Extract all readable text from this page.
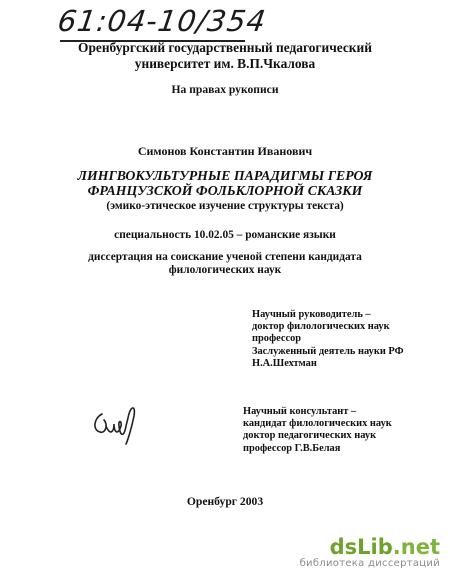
61:04-10/354
Оренбургский государственный педагогический
университет им. В.П.Чкалова
На правах рукописи
Симонов Константин Иванович
ЛИНГВОКУЛЬТУРНЫЕ ПАРАДИГМЫ ГЕРОЯ
ФРАНЦУЗСКОЙ ФОЛЬКЛОРНОЙ СКАЗКИ
(эмико-этическое изучение структуры текста)
специальность 10.02.05 – романские языки
диссертация на соискание ученой степени кандидата
филологических наук
Научный руководитель –
доктор филологических наук
профессор
Заслуженный деятель науки РФ
Н.А.Шехтман
Научный консультант –
кандидат филологических наук
доктор педагогических наук
профессор Г.В.Белая
Оренбург 2003
dsLib.net
библиотека диссертаций
